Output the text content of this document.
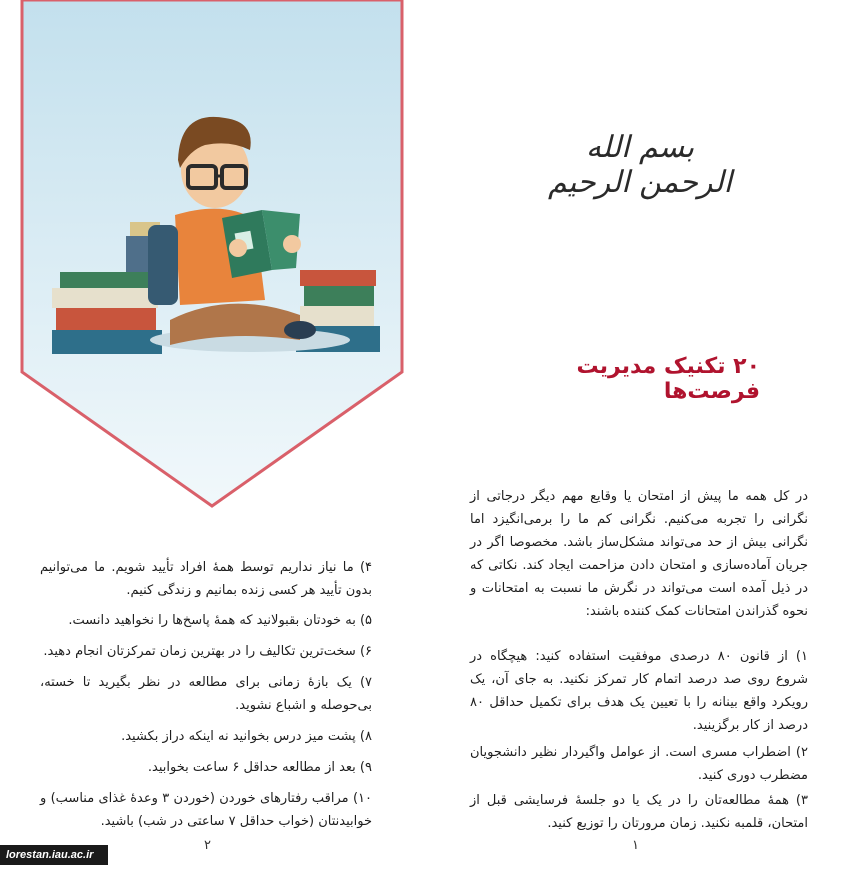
۴) ما نیاز نداریم توسط همهٔ افراد تأیید شویم. ما می‌توانیم بدون تأیید هر کسی زنده بمانیم و زندگی کنیم.

۵) به خودتان بقبولانید که همهٔ پاسخ‌ها را نخواهید دانست.

۶) سخت‌ترین تکالیف را در بهترین زمان تمرکزتان انجام دهید.

۷) یک بازهٔ زمانی برای مطالعه در نظر بگیرید تا خسته، بی‌حوصله و اشباع نشوید.

۸) پشت میز درس بخوانید نه اینکه دراز بکشید.

۹) بعد از مطالعه حداقل ۶ ساعت بخوابید.

۱۰) مراقب رفتارهای خوردن (خوردن ۳ وعدهٔ غذای مناسب) و خوابیدنتان (خواب حداقل ۷ ساعتی در شب) باشید.

۲
بسم الله الرحمن الرحیم
۲۰ تکنیک مدیریت فرصت‌ها

در کل همه ما پیش از امتحان یا وقایع مهم دیگر درجاتی از نگرانی را تجربه می‌کنیم. نگرانی کم ما را برمی‌انگیزد اما نگرانی بیش از حد می‌تواند مشکل‌ساز باشد. مخصوصا اگر در جریان آماده‌سازی و امتحان دادن مزاحمت ایجاد کند. نکاتی که در ذیل آمده است می‌تواند در نگرش ما نسبت به امتحانات و نحوه گذراندن امتحانات کمک کننده باشند:

۱) از قانون ۸۰ درصدی موفقیت استفاده کنید: هیچگاه در شروع روی صد درصد اتمام کار تمرکز نکنید. به جای آن، یک رویکرد واقع بینانه را با تعیین یک هدف برای تکمیل حداقل ۸۰ درصد از کار برگزینید.

۲) اضطراب مسری است. از عوامل واگیردار نظیر دانشجویان مضطرب دوری کنید.

۳) همهٔ مطالعه‌تان را در یک یا دو جلسهٔ فرسایشی قبل از امتحان، قلمبه نکنید. زمان مرورتان را توزیع کنید.

۱
lorestan.iau.ac.ir
